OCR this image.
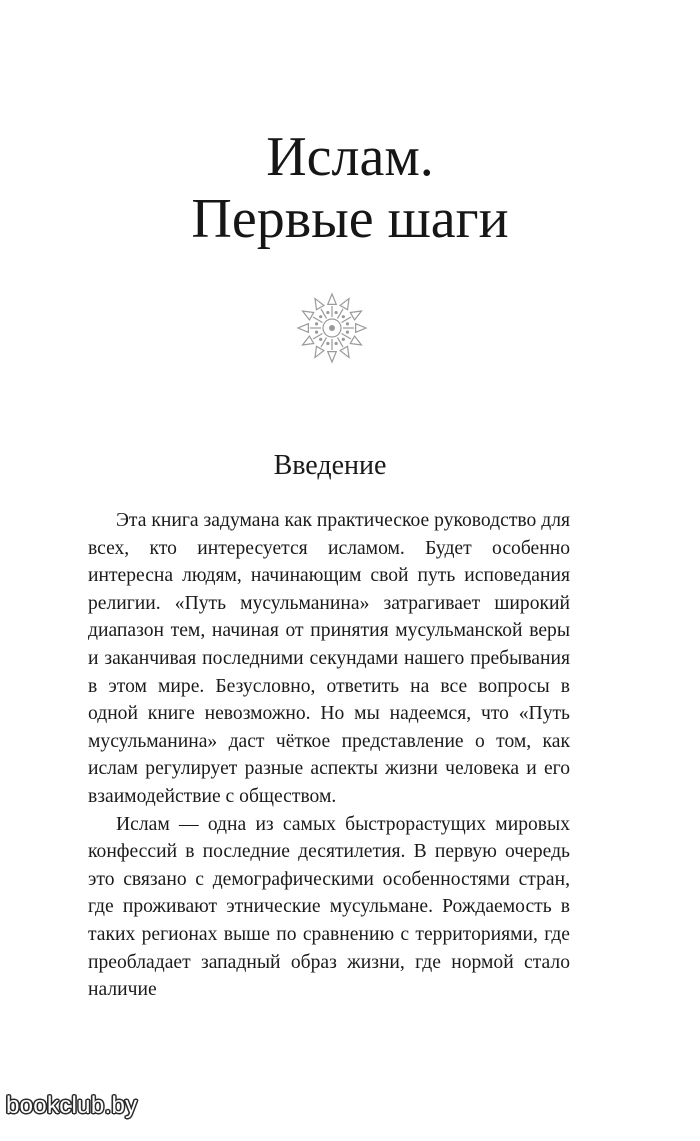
Ислам.
Первые шаги
Введение

Эта книга задумана как практическое руководство для всех, кто интересуется исламом. Будет особенно интересна людям, начинающим свой путь исповедания религии. «Путь мусульманина» затрагивает широкий диапазон тем, начиная от принятия мусульманской веры и заканчивая последними секундами нашего пребывания в этом мире. Безусловно, ответить на все вопросы в одной книге невозможно. Но мы надеемся, что «Путь мусульманина» даст чёткое представление о том, как ислам регулирует разные аспекты жизни человека и его взаимодействие с обществом.

Ислам — одна из самых быстрорастущих мировых конфессий в последние десятилетия. В первую очередь это связано с демографическими особенностями стран, где проживают этнические мусульмане. Рождаемость в таких регионах выше по сравнению с территориями, где преобладает западный образ жизни, где нормой стало наличие

bookclub.by
